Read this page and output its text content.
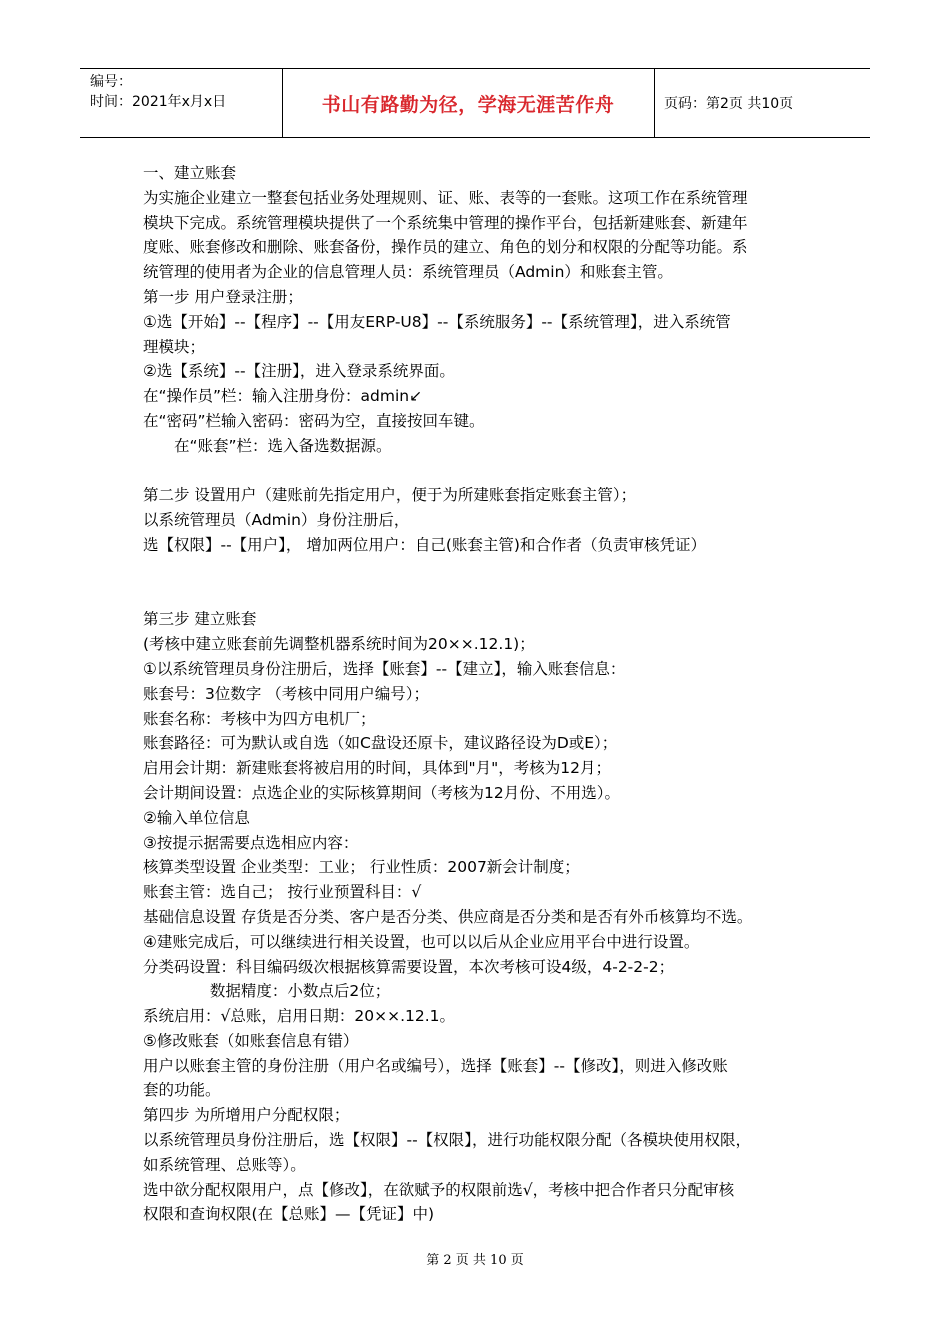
编号：
时间：2021年x月x日	书山有路勤为径，学海无涯苦作舟	页码：第2页 共10页
一、建立账套
为实施企业建立一整套包括业务处理规则、证、账、表等的一套账。这项工作在系统管理
模块下完成。系统管理模块提供了一个系统集中管理的操作平台，包括新建账套、新建年
度账、账套修改和删除、账套备份，操作员的建立、角色的划分和权限的分配等功能。系
统管理的使用者为企业的信息管理人员：系统管理员（Admin）和账套主管。
第一步 用户登录注册；
①选【开始】--【程序】--【用友ERP-U8】--【系统服务】--【系统管理】，进入系统管
理模块；
②选【系统】--【注册】，进入登录系统界面。
在“操作员”栏：输入注册身份：admin↙
在“密码”栏输入密码：密码为空，直接按回车键。
　　在“账套”栏：选入备选数据源。
第二步 设置用户（建账前先指定用户，便于为所建账套指定账套主管）；
以系统管理员（Admin）身份注册后，
选【权限】--【用户】， 增加两位用户：自己(账套主管)和合作者（负责审核凭证）
第三步 建立账套
(考核中建立账套前先调整机器系统时间为20××.12.1)；
①以系统管理员身份注册后，选择【账套】--【建立】，输入账套信息：
账套号：3位数字 （考核中同用户编号）；
账套名称：考核中为四方电机厂；
账套路径：可为默认或自选（如C盘设还原卡，建议路径设为D或E）；
启用会计期：新建账套将被启用的时间，具体到"月"，考核为12月；
会计期间设置：点选企业的实际核算期间（考核为12月份、不用选）。
②输入单位信息
③按提示据需要点选相应内容：
核算类型设置 企业类型：工业； 行业性质：2007新会计制度；
账套主管：选自己； 按行业预置科目：√
基础信息设置 存货是否分类、客户是否分类、供应商是否分类和是否有外币核算均不选。
④建账完成后，可以继续进行相关设置，也可以以后从企业应用平台中进行设置。
分类码设置：科目编码级次根据核算需要设置，本次考核可设4级，4-2-2-2；
　　　　 数据精度：小数点后2位；
系统启用：√总账，启用日期：20××.12.1。
⑤修改账套（如账套信息有错）
用户以账套主管的身份注册（用户名或编号），选择【账套】--【修改】，则进入修改账
套的功能。
第四步 为所增用户分配权限；
以系统管理员身份注册后，选【权限】--【权限】，进行功能权限分配（各模块使用权限，
如系统管理、总账等）。
选中欲分配权限用户，点【修改】，在欲赋予的权限前选√，考核中把合作者只分配审核
权限和查询权限(在【总账】—【凭证】中)
第 2 页 共 10 页
